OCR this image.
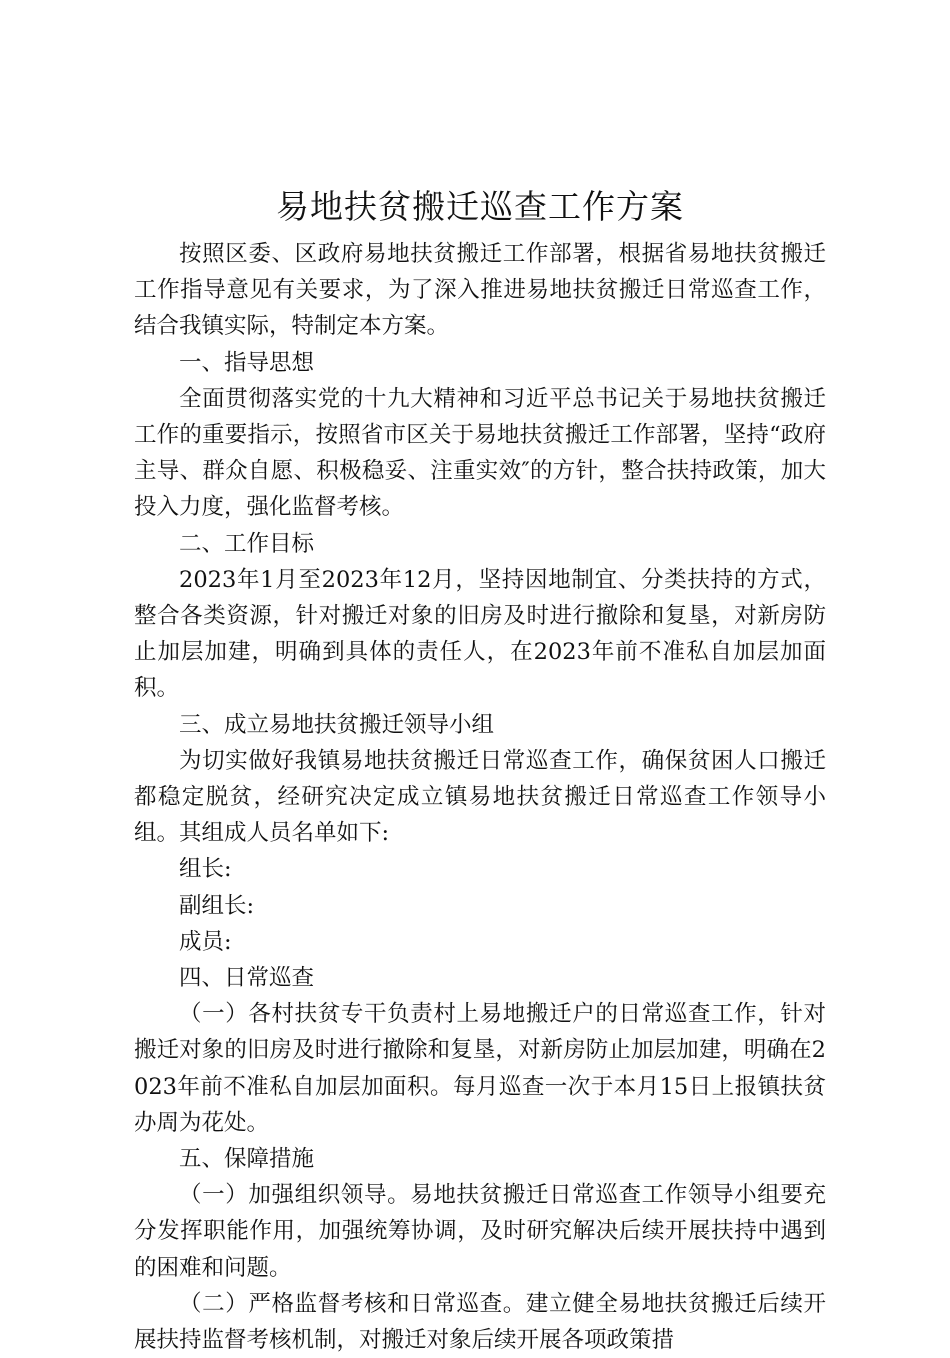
易地扶贫搬迁巡查工作方案

按照区委、区政府易地扶贫搬迁工作部署，根据省易地扶贫搬迁工作指导意见有关要求，为了深入推进易地扶贫搬迁日常巡查工作，结合我镇实际，特制定本方案。

一、指导思想

全面贯彻落实党的十九大精神和习近平总书记关于易地扶贫搬迁工作的重要指示，按照省市区关于易地扶贫搬迁工作部署，坚持“政府主导、群众自愿、积极稳妥、注重实效″的方针，整合扶持政策，加大投入力度，强化监督考核。

二、工作目标

2023年1月至2023年12月，坚持因地制宜、分类扶持的方式，整合各类资源，针对搬迁对象的旧房及时进行撤除和复垦，对新房防止加层加建，明确到具体的责任人，在2023年前不准私自加层加面积。

三、成立易地扶贫搬迁领导小组

为切实做好我镇易地扶贫搬迁日常巡查工作，确保贫困人口搬迁都稳定脱贫，经研究决定成立镇易地扶贫搬迁日常巡查工作领导小组。其组成人员名单如下:

组长:

副组长:

成员:

四、日常巡查

（一）各村扶贫专干负责村上易地搬迁户的日常巡查工作，针对搬迁对象的旧房及时进行撤除和复垦，对新房防止加层加建，明确在2023年前不准私自加层加面积。每月巡查一次于本月15日上报镇扶贫办周为花处。

五、保障措施

（一）加强组织领导。易地扶贫搬迁日常巡查工作领导小组要充分发挥职能作用，加强统筹协调，及时研究解决后续开展扶持中遇到的困难和问题。

（二）严格监督考核和日常巡查。建立健全易地扶贫搬迁后续开展扶持监督考核机制，对搬迁对象后续开展各项政策措
